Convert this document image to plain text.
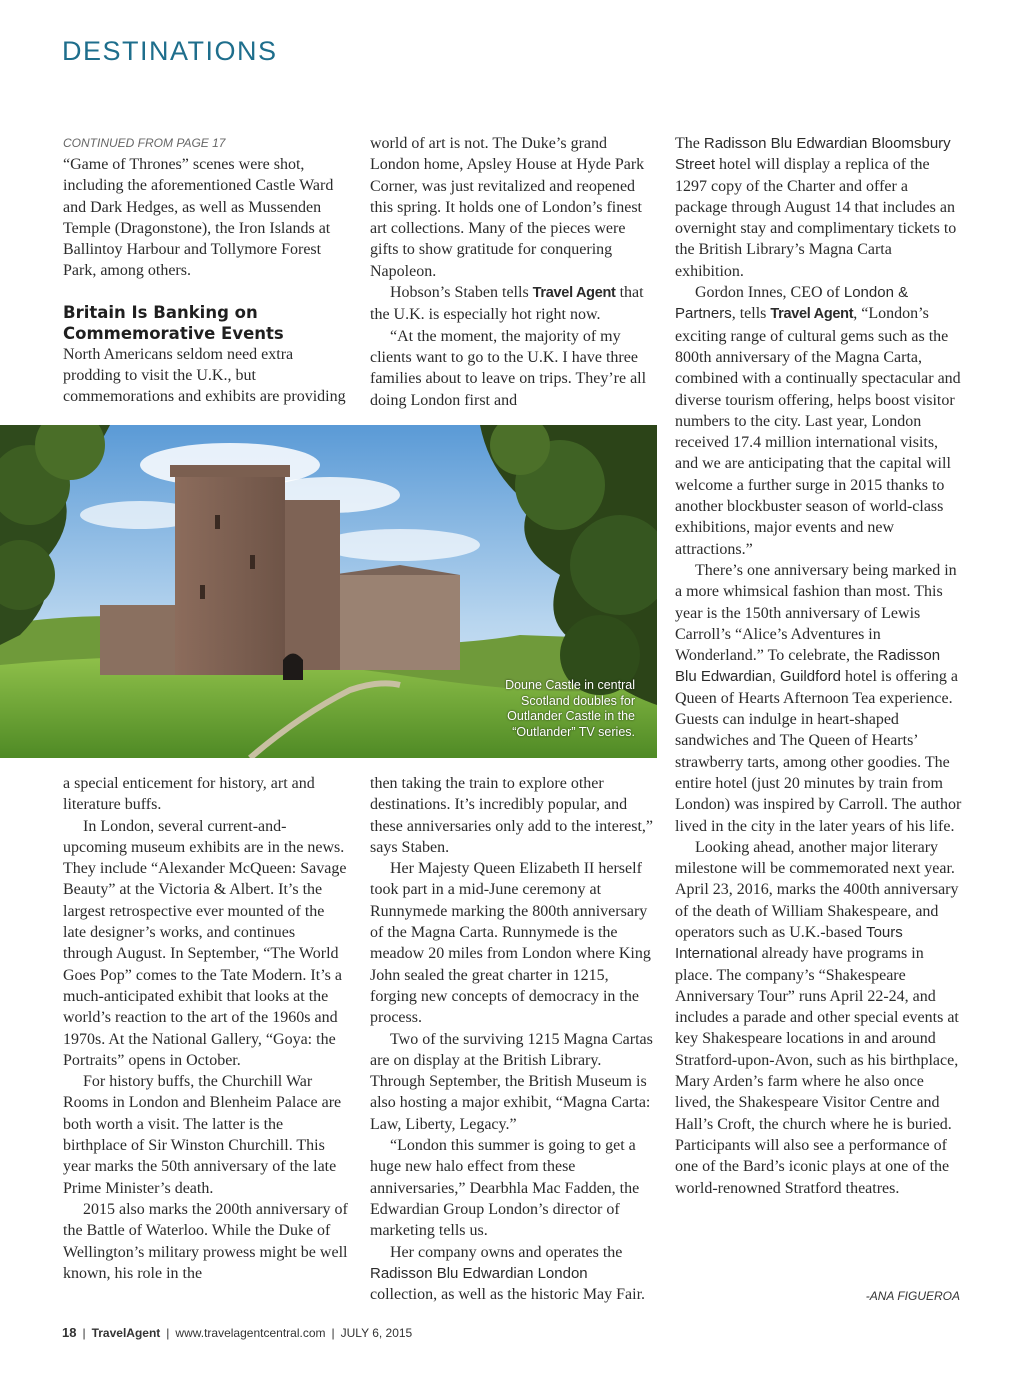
DESTINATIONS
CONTINUED FROM PAGE 17

“Game of Thrones” scenes were shot, including the aforementioned Castle Ward and Dark Hedges, as well as Mussenden Temple (Dragonstone), the Iron Islands at Ballintoy Harbour and Tollymore Forest Park, among others.

Britain Is Banking on Commemorative Events

North Americans seldom need extra prodding to visit the U.K., but commemorations and exhibits are providing

world of art is not. The Duke’s grand London home, Apsley House at Hyde Park Corner, was just revitalized and reopened this spring. It holds one of London’s finest art collections. Many of the pieces were gifts to show gratitude for conquering Napoleon.

Hobson’s Staben tells Travel Agent that the U.K. is especially hot right now.

“At the moment, the majority of my clients want to go to the U.K. I have three families about to leave on trips. They’re all doing London first and

Doune Castle in central Scotland doubles for Outlander Castle in the “Outlander” TV series.

a special enticement for history, art and literature buffs.

In London, several current-and-upcoming museum exhibits are in the news. They include “Alexander McQueen: Savage Beauty” at the Victoria & Albert. It’s the largest retrospective ever mounted of the late designer’s works, and continues through August. In September, “The World Goes Pop” comes to the Tate Modern. It’s a much-anticipated exhibit that looks at the world’s reaction to the art of the 1960s and 1970s. At the National Gallery, “Goya: the Portraits” opens in October.

For history buffs, the Churchill War Rooms in London and Blenheim Palace are both worth a visit. The latter is the birthplace of Sir Winston Churchill. This year marks the 50th anniversary of the late Prime Minister’s death.

2015 also marks the 200th anniversary of the Battle of Waterloo. While the Duke of Wellington’s military prowess might be well known, his role in the

then taking the train to explore other destinations. It’s incredibly popular, and these anniversaries only add to the interest,” says Staben.

Her Majesty Queen Elizabeth II herself took part in a mid-June ceremony at Runnymede marking the 800th anniversary of the Magna Carta. Runnymede is the meadow 20 miles from London where King John sealed the great charter in 1215, forging new concepts of democracy in the process.

Two of the surviving 1215 Magna Cartas are on display at the British Library. Through September, the British Museum is also hosting a major exhibit, “Magna Carta: Law, Liberty, Legacy.”

“London this summer is going to get a huge new halo effect from these anniversaries,” Dearbhla Mac Fadden, the Edwardian Group London’s director of marketing tells us.

Her company owns and operates the Radisson Blu Edwardian London collection, as well as the historic May Fair.

The Radisson Blu Edwardian Bloomsbury Street hotel will display a replica of the 1297 copy of the Charter and offer a package through August 14 that includes an overnight stay and complimentary tickets to the British Library’s Magna Carta exhibition.

Gordon Innes, CEO of London & Partners, tells Travel Agent, “London’s exciting range of cultural gems such as the 800th anniversary of the Magna Carta, combined with a continually spectacular and diverse tourism offering, helps boost visitor numbers to the city. Last year, London received 17.4 million international visits, and we are anticipating that the capital will welcome a further surge in 2015 thanks to another blockbuster season of world-class exhibitions, major events and new attractions.”

There’s one anniversary being marked in a more whimsical fashion than most. This year is the 150th anniversary of Lewis Carroll’s “Alice’s Adventures in Wonderland.” To celebrate, the Radisson Blu Edwardian, Guildford hotel is offering a Queen of Hearts Afternoon Tea experience. Guests can indulge in heart-shaped sandwiches and The Queen of Hearts’ strawberry tarts, among other goodies. The entire hotel (just 20 minutes by train from London) was inspired by Carroll. The author lived in the city in the later years of his life.

Looking ahead, another major literary milestone will be commemorated next year. April 23, 2016, marks the 400th anniversary of the death of William Shakespeare, and operators such as U.K.-based Tours International already have programs in place. The company’s “Shakespeare Anniversary Tour” runs April 22-24, and includes a parade and other special events at key Shakespeare locations in and around Stratford-upon-Avon, such as his birthplace, Mary Arden’s farm where he also once lived, the Shakespeare Visitor Centre and Hall’s Croft, the church where he is buried. Participants will also see a performance of one of the Bard’s iconic plays at one of the world-renowned Stratford theatres.

-ANA FIGUEROA
18 | TravelAgent | www.travelagentcentral.com | JULY 6, 2015
